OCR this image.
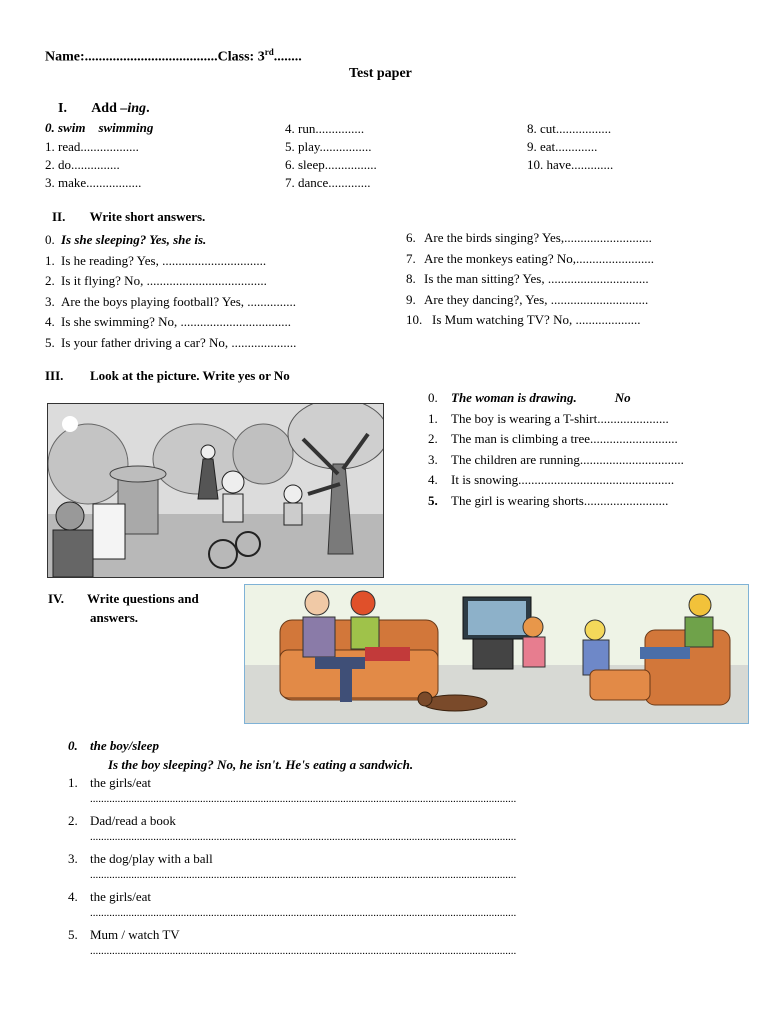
Name:......................................Class: 3rd........
Test paper
I. Add –ing.
0. swim    swimming
1. read..................
2. do...............
3. make.................
4. run...............
5. play................
6. sleep................
7. dance.............
8. cut.................
9. eat.............
10. have.............
II. Write short answers.
0. Is she sleeping? Yes, she is.
1. Is he reading? Yes, ................................
2. Is it flying? No, .....................................
3. Are the boys playing football? Yes, ...............
4. Is she swimming? No, ..................................
5. Is your father driving a car? No, ....................
6. Are the birds singing? Yes,...........................
7. Are the monkeys eating? No,........................
8. Is the man sitting? Yes, ...............................
9. Are they dancing?, Yes, ..............................
10. Is Mum watching TV? No, ....................
III. Look at the picture. Write yes or No
0. The woman is drawing.	No
1. The boy is wearing a T-shirt......................
2. The man is climbing a tree...........................
3. The children are running................................
4. It is snowing................................................
5. The girl is wearing shorts..........................
IV. Write questions and
answers.
0. the boy/sleep
Is the boy sleeping? No, he isn't. He's eating a sandwich.
1. the girls/eat
...........................................................................................................................................................
2. Dad/read a book
...........................................................................................................................................................
3. the dog/play with a ball
...........................................................................................................................................................
4. the girls/eat
...........................................................................................................................................................
5. Mum / watch TV
...........................................................................................................................................................
